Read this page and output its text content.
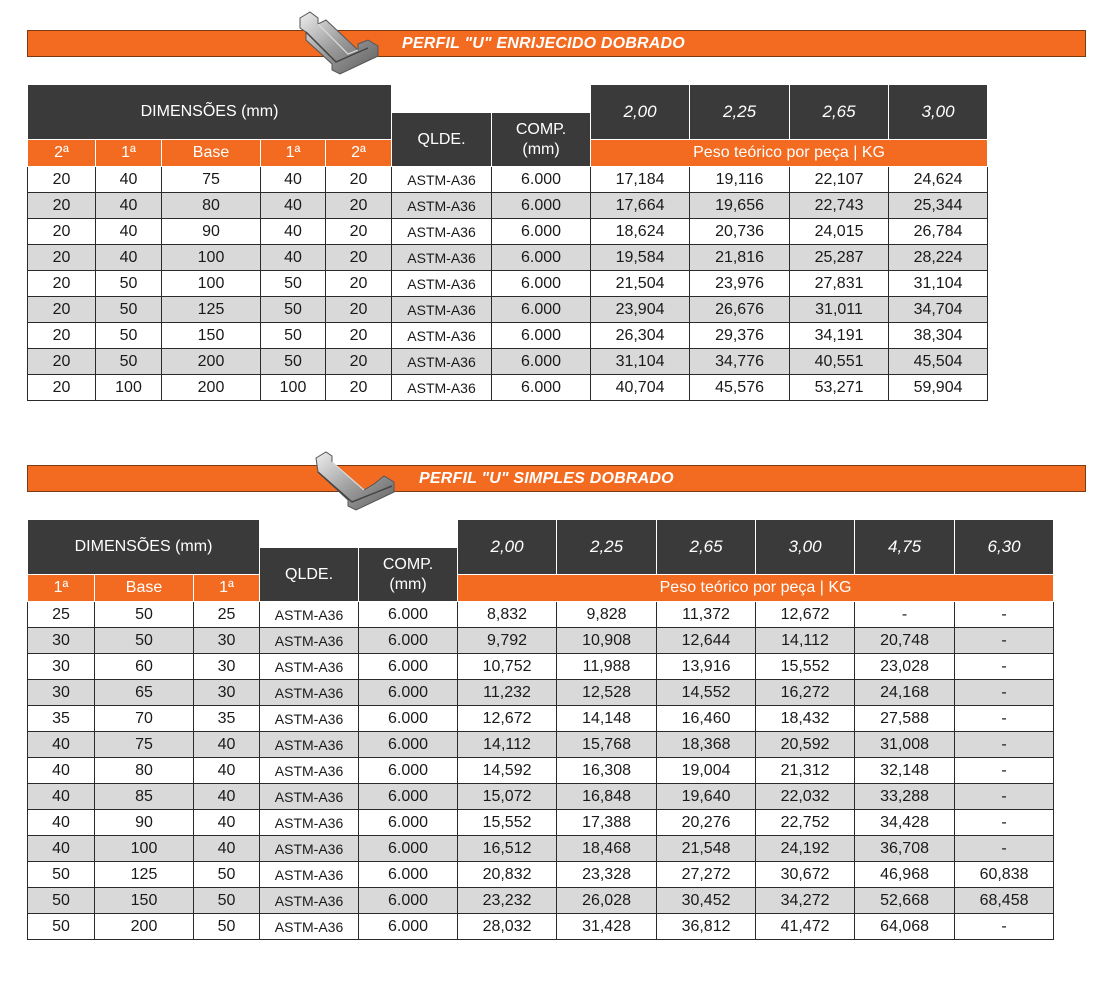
PERFIL "U" ENRIJECIDO DOBRADO
DIMENSÕES (mm)							2,00	2,25	2,65	3,00
					QLDE.	COMP.
(mm)				
2ª	1ª	Base	1ª	2ª			Peso teórico por peça | KG			
20	40	75	40	20	ASTM-A36	6.000	17,184	19,116	22,107	24,624
20	40	80	40	20	ASTM-A36	6.000	17,664	19,656	22,743	25,344
20	40	90	40	20	ASTM-A36	6.000	18,624	20,736	24,015	26,784
20	40	100	40	20	ASTM-A36	6.000	19,584	21,816	25,287	28,224
20	50	100	50	20	ASTM-A36	6.000	21,504	23,976	27,831	31,104
20	50	125	50	20	ASTM-A36	6.000	23,904	26,676	31,011	34,704
20	50	150	50	20	ASTM-A36	6.000	26,304	29,376	34,191	38,304
20	50	200	50	20	ASTM-A36	6.000	31,104	34,776	40,551	45,504
20	100	200	100	20	ASTM-A36	6.000	40,704	45,576	53,271	59,904
PERFIL "U" SIMPLES DOBRADO
DIMENSÕES (mm)					2,00	2,25	2,65	3,00	4,75	6,30
			QLDE.	COMP.
(mm)						
1ª	Base	1ª			Peso teórico por peça | KG					
25	50	25	ASTM-A36	6.000	8,832	9,828	11,372	12,672	-	-
30	50	30	ASTM-A36	6.000	9,792	10,908	12,644	14,112	20,748	-
30	60	30	ASTM-A36	6.000	10,752	11,988	13,916	15,552	23,028	-
30	65	30	ASTM-A36	6.000	11,232	12,528	14,552	16,272	24,168	-
35	70	35	ASTM-A36	6.000	12,672	14,148	16,460	18,432	27,588	-
40	75	40	ASTM-A36	6.000	14,112	15,768	18,368	20,592	31,008	-
40	80	40	ASTM-A36	6.000	14,592	16,308	19,004	21,312	32,148	-
40	85	40	ASTM-A36	6.000	15,072	16,848	19,640	22,032	33,288	-
40	90	40	ASTM-A36	6.000	15,552	17,388	20,276	22,752	34,428	-
40	100	40	ASTM-A36	6.000	16,512	18,468	21,548	24,192	36,708	-
50	125	50	ASTM-A36	6.000	20,832	23,328	27,272	30,672	46,968	60,838
50	150	50	ASTM-A36	6.000	23,232	26,028	30,452	34,272	52,668	68,458
50	200	50	ASTM-A36	6.000	28,032	31,428	36,812	41,472	64,068	-
